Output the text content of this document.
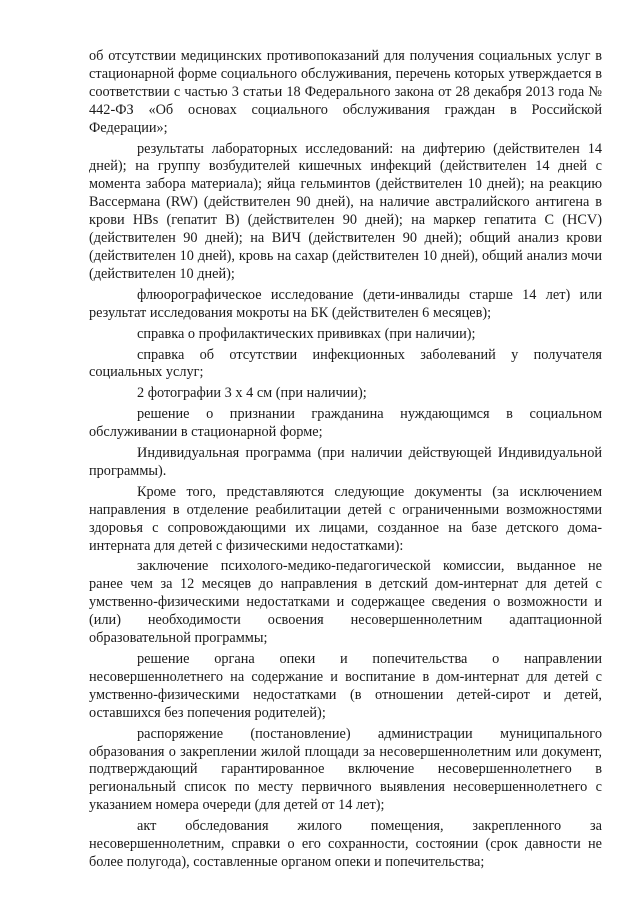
об отсутствии медицинских противопоказаний для получения социальных услуг в стационарной форме социального обслуживания, перечень которых утверждается в соответствии с частью 3 статьи 18 Федерального закона от 28 декабря 2013 года № 442-ФЗ «Об основах социального обслуживания граждан в Российской Федерации»;

результаты лабораторных исследований: на дифтерию (действителен 14 дней); на группу возбудителей кишечных инфекций (действителен 14 дней с момента забора материала); яйца гельминтов (действителен 10 дней); на реакцию Вассермана (RW) (действителен 90 дней), на наличие австралийского антигена в крови HBs (гепатит В) (действителен 90 дней); на маркер гепатита С (HCV) (действителен 90 дней); на ВИЧ (действителен 90 дней); общий анализ крови (действителен 10 дней), кровь на сахар (действителен 10 дней), общий анализ мочи (действителен 10 дней);

флюорографическое исследование (дети-инвалиды старше 14 лет) или результат исследования мокроты на БК (действителен 6 месяцев);

справка о профилактических прививках (при наличии);

справка об отсутствии инфекционных заболеваний у получателя социальных услуг;

2 фотографии 3 х 4 см (при наличии);

решение о признании гражданина нуждающимся в социальном обслуживании в стационарной форме;

Индивидуальная программа (при наличии действующей Индивидуальной программы).

Кроме того, представляются следующие документы (за исключением направления в отделение реабилитации детей с ограниченными возможностями здоровья с сопровождающими их лицами, созданное на базе детского дома-интерната для детей с физическими недостатками):

заключение психолого-медико-педагогической комиссии, выданное не ранее чем за 12 месяцев до направления в детский дом-интернат для детей с умственно-физическими недостатками и содержащее сведения о возможности и (или) необходимости освоения несовершеннолетним адаптационной образовательной программы;

решение органа опеки и попечительства о направлении несовершеннолетнего на содержание и воспитание в дом-интернат для детей с умственно-физическими недостатками (в отношении детей-сирот и детей, оставшихся без попечения родителей);

распоряжение (постановление) администрации муниципального образования о закреплении жилой площади за несовершеннолетним или документ, подтверждающий гарантированное включение несовершеннолетнего в региональный список по месту первичного выявления несовершеннолетнего с указанием номера очереди (для детей от 14 лет);

акт обследования жилого помещения, закрепленного за несовершеннолетним, справки о его сохранности, состоянии (срок давности не более полугода), составленные органом опеки и попечительства;
